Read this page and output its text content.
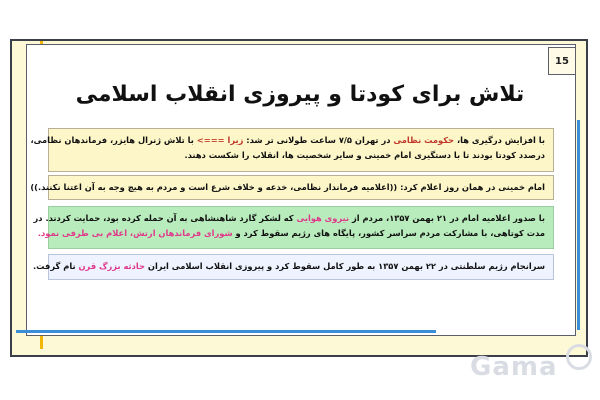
15
تلاش برای کودتا و پیروزی انقلاب اسلامی
با افزایش درگیری ها، حکومت نظامی در تهران ۷/۵ ساعت طولانی تر شد: زیرا ===> با تلاش ژنرال هایزر، فرماندهان نظامی،
درصدد کودتا بودند تا با دستگیری امام خمینی و سایر شخصیت ها، انقلاب را شکست دهند.
امام خمینی در همان روز اعلام کرد: ((اعلامیه فرماندار نظامی، خدعه و خلاف شرع است و مردم به هیچ وجه به آن اعتنا نکنند.))
با صدور اعلامیه امام در ۲۱ بهمن ۱۳۵۷، مردم از نیروی هوایی که لشکر گارد شاهنشاهی به آن حمله کرده بود، حمایت کردند. در
مدت کوتاهی، با مشارکت مردم سراسر کشور، پایگاه های رژیم سقوط کرد و شورای فرماندهان ارتش، اعلام بی طرفی نمود.
سرانجام رژیم سلطنتی در ۲۲ بهمن ۱۳۵۷ به طور کامل سقوط کرد و پیروزی انقلاب اسلامی ایران حادثه بزرگ قرن نام گرفت.
Gama
